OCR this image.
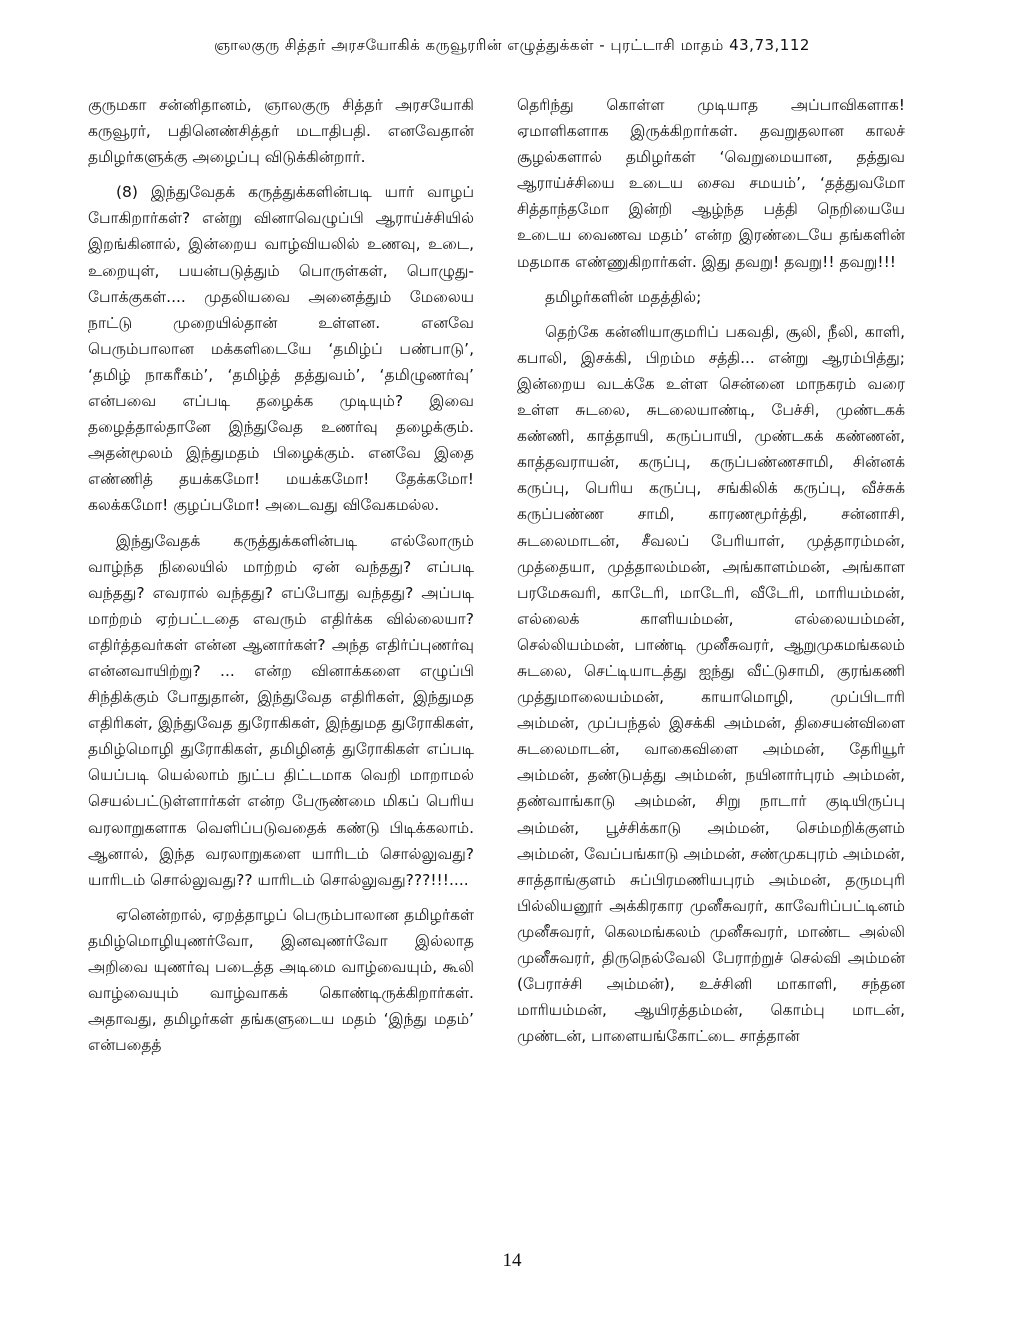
ஞாலகுரு சித்தர் அரசயோகிக் கருவூரரின் எழுத்துக்கள் - புரட்டாசி மாதம் 43,73,112

குருமகா சன்னிதானம், ஞாலகுரு சித்தர் அரசயோகி கருவூரர், பதினெண்சித்தர் மடாதிபதி. எனவேதான் தமிழர்களுக்கு அழைப்பு விடுக்கின்றார்.

(8) இந்துவேதக் கருத்துக்களின்படி யார் வாழப் போகிறார்கள்? என்று வினாவெழுப்பி ஆராய்ச்சியில் இறங்கினால், இன்றைய வாழ்வியலில் உணவு, உடை, உறையுள், பயன்படுத்தும் பொருள்கள், பொழுது-போக்குகள்.... முதலியவை அனைத்தும் மேலைய நாட்டு முறையில்தான் உள்ளன. எனவே பெரும்பாலான மக்களிடையே ‘தமிழ்ப் பண்பாடு’, ‘தமிழ் நாகரீகம்’, ‘தமிழ்த் தத்துவம்’, ‘தமிழுணர்வு’ என்பவை எப்படி தழைக்க முடியும்? இவை தழைத்தால்தானே இந்துவேத உணர்வு தழைக்கும். அதன்மூலம் இந்துமதம் பிழைக்கும். எனவே இதை எண்ணித் தயக்கமோ! மயக்கமோ! தேக்கமோ! கலக்கமோ! குழப்பமோ! அடைவது விவேகமல்ல.

இந்துவேதக் கருத்துக்களின்படி எல்லோரும் வாழ்ந்த நிலையில் மாற்றம் ஏன் வந்தது? எப்படி வந்தது? எவரால் வந்தது? எப்போது வந்தது? அப்படி மாற்றம் ஏற்பட்டதை எவரும் எதிர்க்க வில்லையா? எதிர்த்தவர்கள் என்ன ஆனார்கள்? அந்த எதிர்ப்புணர்வு என்னவாயிற்று? ... என்ற வினாக்களை எழுப்பி சிந்திக்கும் போதுதான், இந்துவேத எதிரிகள், இந்துமத எதிரிகள், இந்துவேத துரோகிகள், இந்துமத துரோகிகள், தமிழ்மொழி துரோகிகள், தமிழினத் துரோகிகள் எப்படி யெப்படி யெல்லாம் நுட்ப திட்டமாக வெறி மாறாமல் செயல்பட்டுள்ளார்கள் என்ற பேருண்மை மிகப் பெரிய வரலாறுகளாக வெளிப்படுவதைக் கண்டு பிடிக்கலாம். ஆனால், இந்த வரலாறுகளை யாரிடம் சொல்லுவது? யாரிடம் சொல்லுவது?? யாரிடம் சொல்லுவது???!!!....

ஏனென்றால், ஏறத்தாழப் பெரும்பாலான தமிழர்கள் தமிழ்மொழியுணர்வோ, இனவுணர்வோ இல்லாத அறிவை யுணர்வு படைத்த அடிமை வாழ்வையும், கூலி வாழ்வையும் வாழ்வாகக் கொண்டிருக்கிறார்கள். அதாவது, தமிழர்கள் தங்களுடைய மதம் ‘இந்து மதம்’ என்பதைத்

தெரிந்து கொள்ள முடியாத அப்பாவிகளாக! ஏமாளிகளாக இருக்கிறார்கள். தவறுதலான காலச் சூழல்களால் தமிழர்கள் ‘வெறுமையான, தத்துவ ஆராய்ச்சியை உடைய சைவ சமயம்’, ‘தத்துவமோ சித்தாந்தமோ இன்றி ஆழ்ந்த பத்தி நெறியையே உடைய வைணவ மதம்’ என்ற இரண்டையே தங்களின் மதமாக எண்ணுகிறார்கள். இது தவறு! தவறு!! தவறு!!!

தமிழர்களின் மதத்தில்;

தெற்கே கன்னியாகுமரிப் பகவதி, சூலி, நீலி, காளி, கபாலி, இசக்கி, பிறம்ம சத்தி... என்று ஆரம்பித்து; இன்றைய வடக்கே உள்ள சென்னை மாநகரம் வரை உள்ள சுடலை, சுடலையாண்டி, பேச்சி, முண்டகக் கண்ணி, காத்தாயி, கருப்பாயி, முண்டகக் கண்ணன், காத்தவராயன், கருப்பு, கருப்பண்ணசாமி, சின்னக் கருப்பு, பெரிய கருப்பு, சங்கிலிக் கருப்பு, வீச்சுக் கருப்பண்ண சாமி, காரணமூர்த்தி, சன்னாசி, சுடலைமாடன், சீவலப் பேரியாள், முத்தாரம்மன், முத்தையா, முத்தாலம்மன், அங்காளம்மன், அங்காள பரமேசுவரி, காடேரி, மாடேரி, வீடேரி, மாரியம்மன், எல்லைக் காளியம்மன், எல்லையம்மன், செல்லியம்மன், பாண்டி முனீசுவரர், ஆறுமுகமங்கலம் சுடலை, செட்டியாடத்து ஐந்து வீட்டுசாமி, குரங்கணி முத்துமாலையம்மன், காயாமொழி, முப்பிடாரி அம்மன், முப்பந்தல் இசக்கி அம்மன், திசையன்விளை சுடலைமாடன், வாகைவிளை அம்மன், தேரியூர் அம்மன், தண்டுபத்து அம்மன், நயினார்புரம் அம்மன், தண்வாங்காடு அம்மன், சிறு நாடார் குடியிருப்பு அம்மன், பூச்சிக்காடு அம்மன், செம்மறிக்குளம் அம்மன், வேப்பங்காடு அம்மன், சண்முகபுரம் அம்மன், சாத்தாங்குளம் சுப்பிரமணியபுரம் அம்மன், தருமபுரி பில்லியனூர் அக்கிரகார முனீசுவரர், காவேரிப்பட்டினம் முனீசுவரர், கெலமங்கலம் முனீசுவரர், மாண்ட அல்லி முனீசுவரர், திருநெல்வேலி பேராற்றுச் செல்வி அம்மன் (பேராச்சி அம்மன்), உச்சினி மாகாளி, சந்தன மாரியம்மன், ஆயிரத்தம்மன், கொம்பு மாடன், முண்டன், பாளையங்கோட்டை சாத்தான்

14
